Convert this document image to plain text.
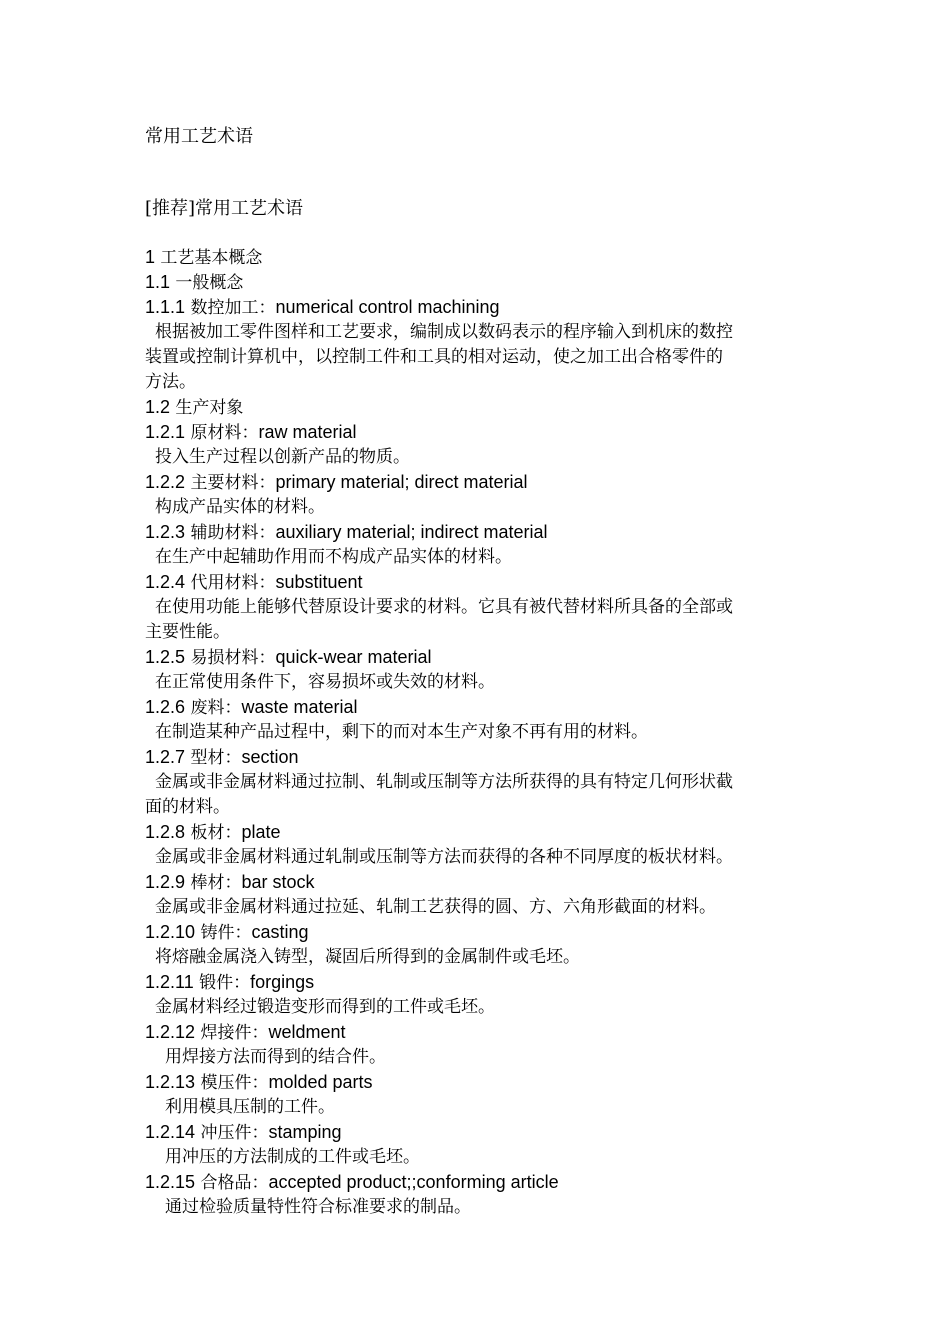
常用工艺术语
[推荐]常用工艺术语
1 工艺基本概念
1.1 一般概念
1.1.1 数控加工：numerical control machining
根据被加工零件图样和工艺要求，编制成以数码表示的程序输入到机床的数控
装置或控制计算机中，以控制工件和工具的相对运动，使之加工出合格零件的
方法。
1.2 生产对象
1.2.1 原材料：raw material
投入生产过程以创新产品的物质。
1.2.2 主要材料：primary material; direct material
构成产品实体的材料。
1.2.3 辅助材料：auxiliary material; indirect material
在生产中起辅助作用而不构成产品实体的材料。
1.2.4 代用材料：substituent
在使用功能上能够代替原设计要求的材料。它具有被代替材料所具备的全部或
主要性能。
1.2.5 易损材料：quick-wear material
在正常使用条件下，容易损坏或失效的材料。
1.2.6 废料：waste material
在制造某种产品过程中，剩下的而对本生产对象不再有用的材料。
1.2.7 型材：section
金属或非金属材料通过拉制、轧制或压制等方法所获得的具有特定几何形状截
面的材料。
1.2.8 板材：plate
金属或非金属材料通过轧制或压制等方法而获得的各种不同厚度的板状材料。
1.2.9 棒材：bar stock
金属或非金属材料通过拉延、轧制工艺获得的圆、方、六角形截面的材料。
1.2.10 铸件：casting
将熔融金属浇入铸型，凝固后所得到的金属制件或毛坯。
1.2.11 锻件：forgings
金属材料经过锻造变形而得到的工件或毛坯。
1.2.12 焊接件：weldment
用焊接方法而得到的结合件。
1.2.13 模压件：molded parts
利用模具压制的工件。
1.2.14 冲压件：stamping
用冲压的方法制成的工件或毛坯。
1.2.15 合格品：accepted product;;conforming article
通过检验质量特性符合标准要求的制品。
